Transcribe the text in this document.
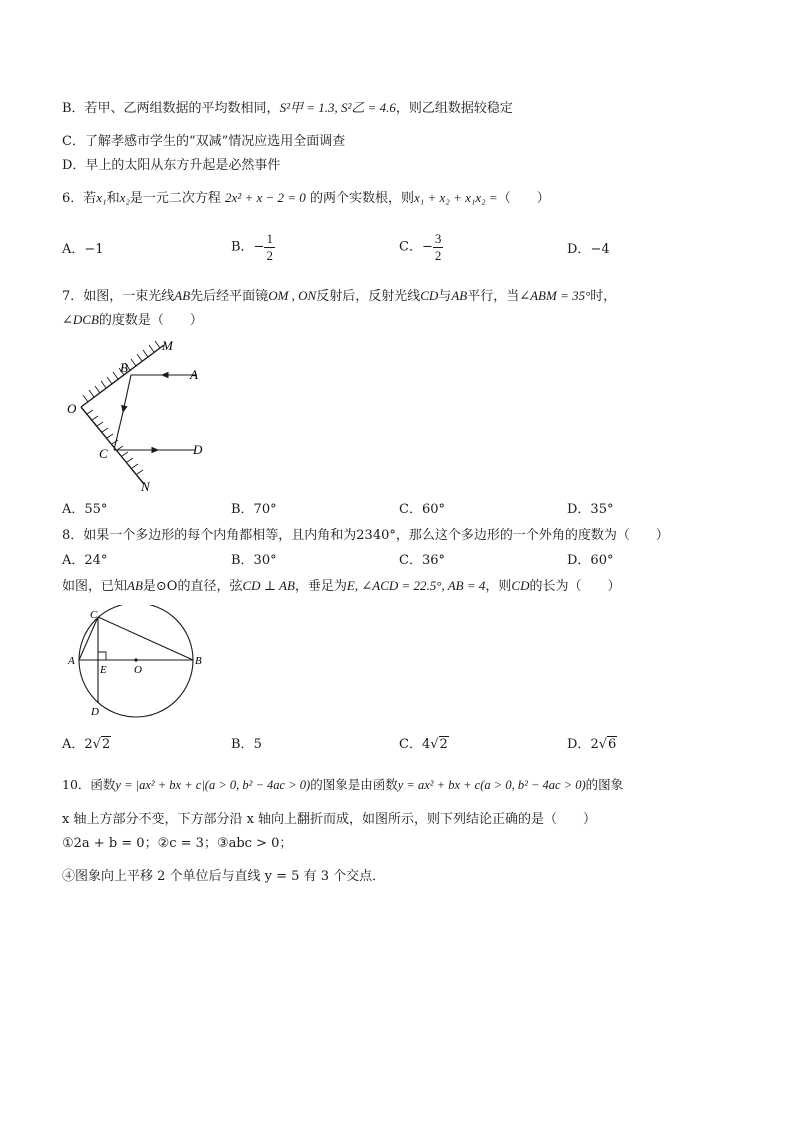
B．若甲、乙两组数据的平均数相同，S²甲 = 1.3, S²乙 = 4.6，则乙组数据较稳定
C．了解孝感市学生的“双减”情况应选用全面调查
D．早上的太阳从东方升起是必然事件
6．若x₁和x₂是一元二次方程 2x² + x − 2 = 0 的两个实数根，则x₁ + x₂ + x₁x₂ =（　　）
A．−1	B．− $\frac{1}{2}$	C．− $\frac{3}{2}$	D．−4
7．如图，一束光线AB先后经平面镜OM , ON反射后，反射光线CD与AB平行，当∠ABM = 35°时，
∠DCB的度数是（　　）
M
A
B
O
C	D
N
A．55°	B．70°	C．60°	D．35°
8．如果一个多边形的每个内角都相等，且内角和为2340°，那么这个多边形的一个外角的度数为（　　）
A．24°	B．30°	C．36°	D．60°
如图，已知AB是⊙O的直径，弦CD ⊥ AB，垂足为E, ∠ACD = 22.5°, AB = 4，则CD的长为（　　）
C
A
E O
B
D
A．2√2	B．5	C．4√2	D．2√6
10．函数y = |ax² + bx + c|(a > 0, b² − 4ac > 0)的图象是由函数y = ax² + bx + c(a > 0, b² − 4ac > 0)的图象
x 轴上方部分不变，下方部分沿 x 轴向上翻折而成，如图所示，则下列结论正确的是（　　）
①2a + b = 0；②c = 3；③abc > 0；
④图象向上平移 2 个单位后与直线 y = 5 有 3 个交点．
